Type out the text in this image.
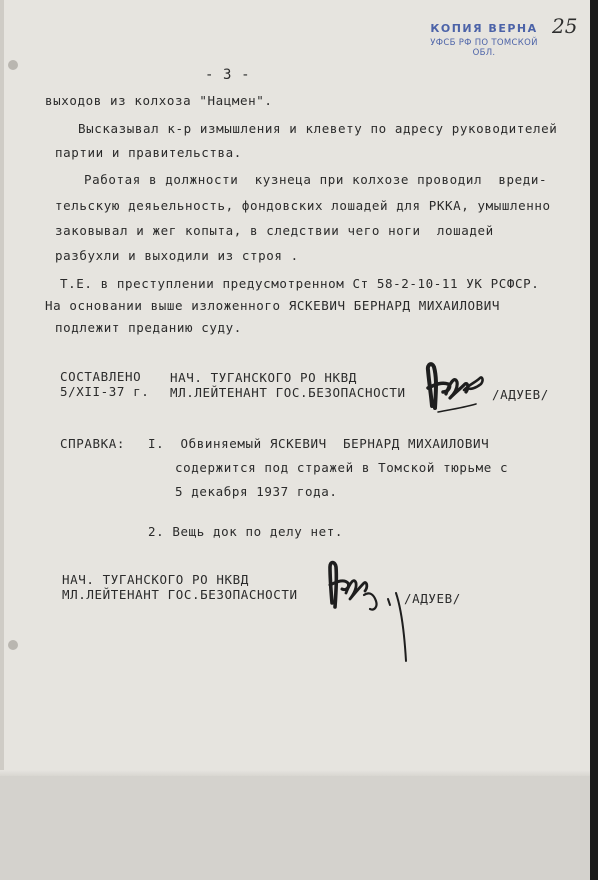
КОПИЯ ВЕРНА
УФСБ РФ ПО ТОМСКОЙ ОБЛ.
25
- 3 -
выходов из колхоза "Нацмен".
Высказывал к-р измышления и клевету по адресу руководителей
партии и правительства.
Работая в должности  кузнеца при колхозе проводил  вреди-
тельскую деяьельность, фондовских лошадей для РККА, умышленно
заковывал и жег копыта, в следствии чего ноги  лошадей
разбухли и выходили из строя .
Т.Е. в преступлении предусмотренном Ст 58-2-10-11 УК РСФСР.
На основании выше изложенного ЯСКЕВИЧ БЕРНАРД МИХАИЛОВИЧ
подлежит преданию суду.
СОСТАВЛЕНО
5/XII-37 г.
НАЧ. ТУГАНСКОГО РО НКВД
МЛ.ЛЕЙТЕНАНТ ГОС.БЕЗОПАСНОСТИ	/АДУЕВ/
СПРАВКА: I.  Обвиняемый ЯСКЕВИЧ  БЕРНАРД МИХАИЛОВИЧ
содержится под стражей в Томской тюрьме с
5 декабря 1937 года.
2. Вещь док по делу нет.
НАЧ. ТУГАНСКОГО РО НКВД
МЛ.ЛЕЙТЕНАНТ ГОС.БЕЗОПАСНОСТИ	/АДУЕВ/
